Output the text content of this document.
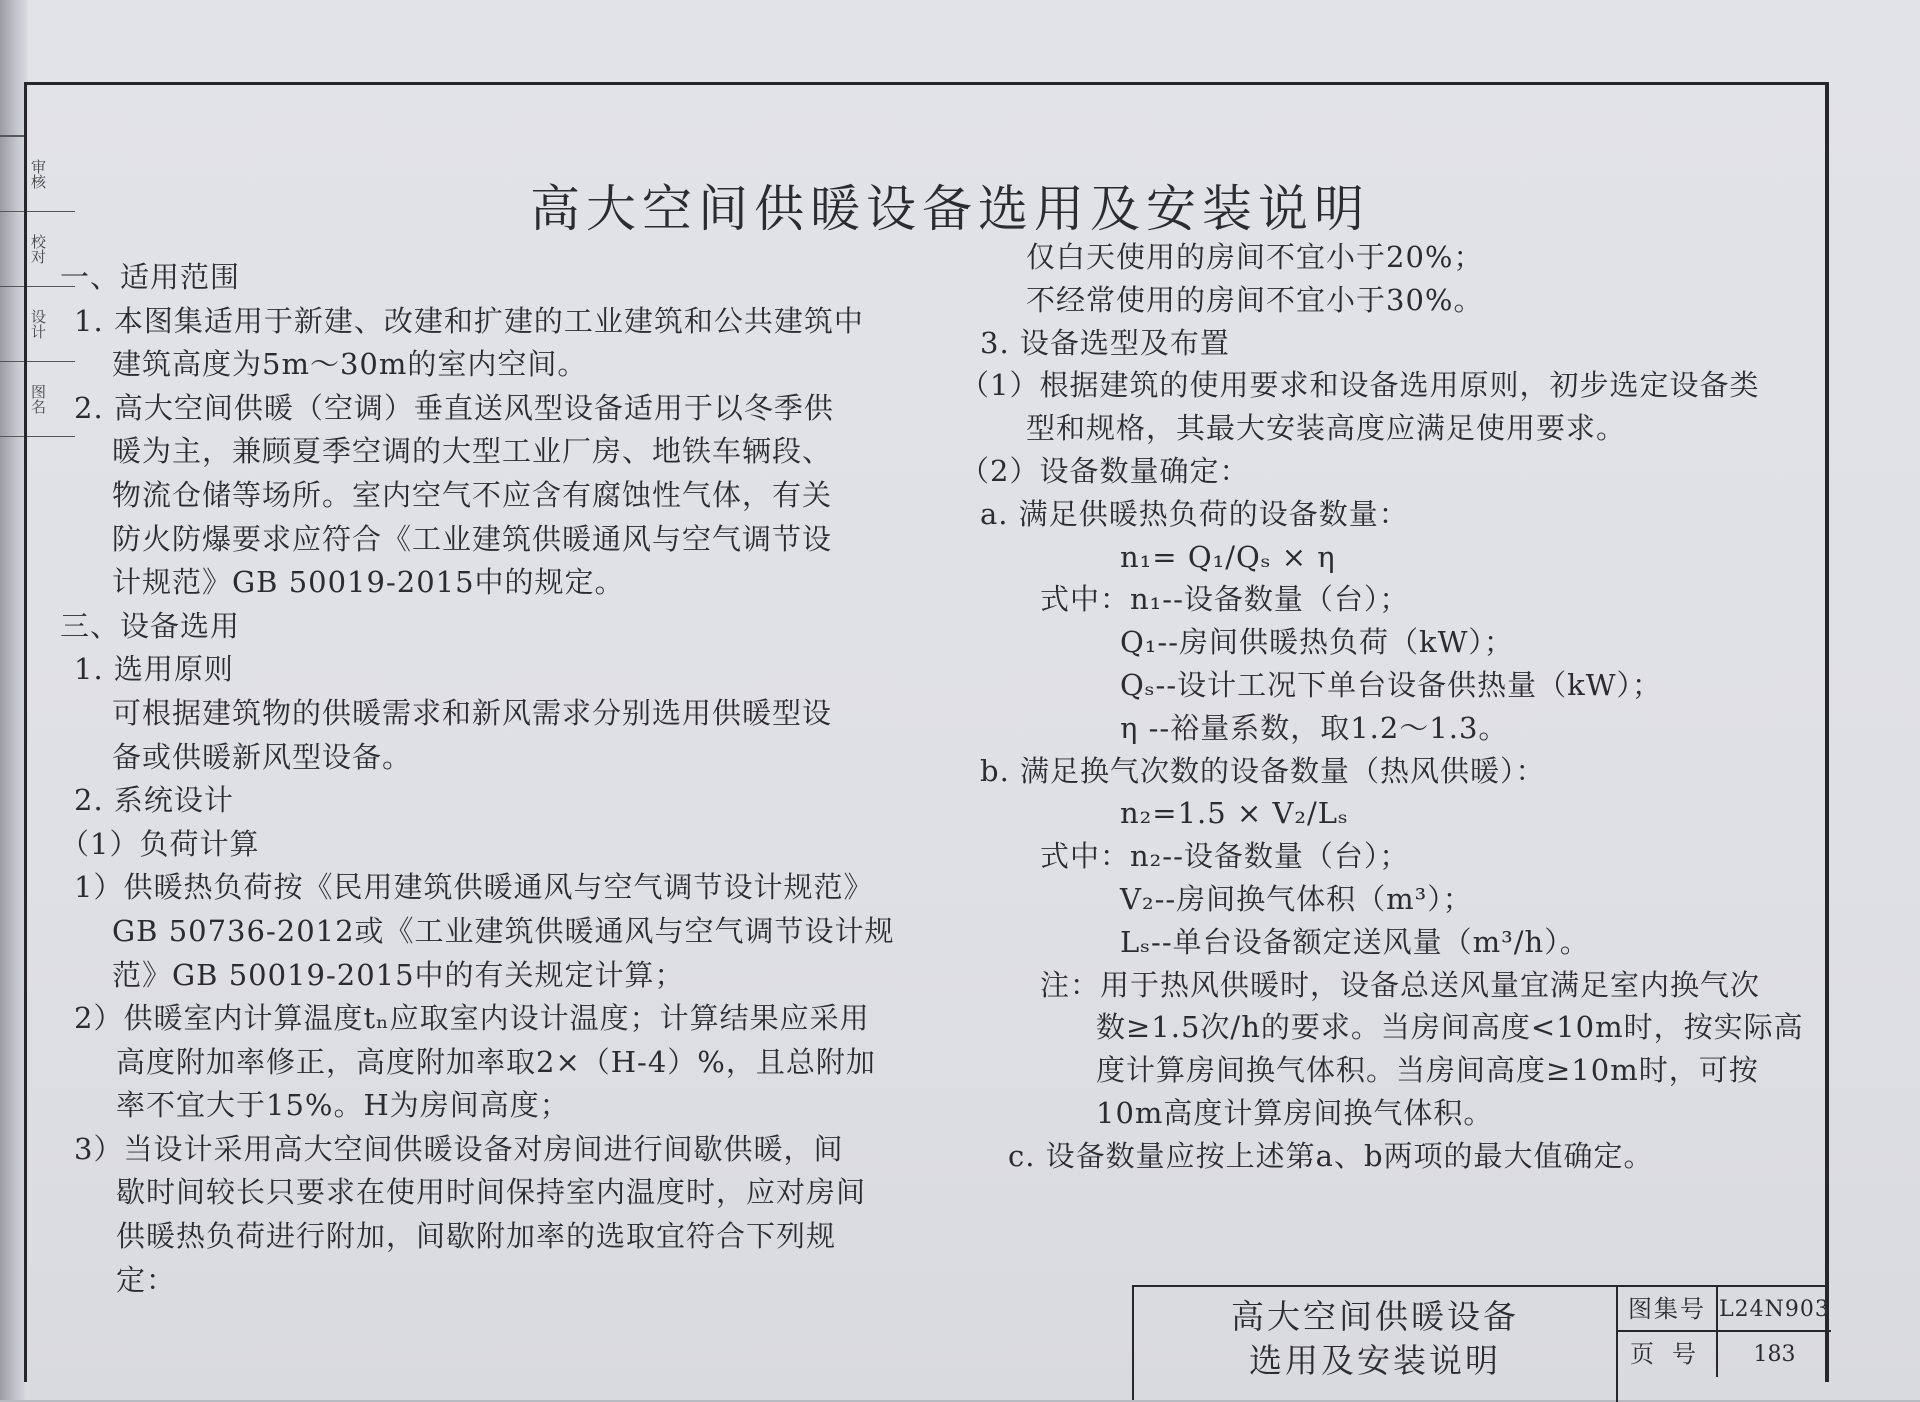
审核
校对
设计
图名
高大空间供暖设备选用及安装说明
一、适用范围
1. 本图集适用于新建、改建和扩建的工业建筑和公共建筑中
建筑高度为5m～30m的室内空间。
2. 高大空间供暖（空调）垂直送风型设备适用于以冬季供
暖为主，兼顾夏季空调的大型工业厂房、地铁车辆段、
物流仓储等场所。室内空气不应含有腐蚀性气体，有关
防火防爆要求应符合《工业建筑供暖通风与空气调节设
计规范》GB 50019-2015中的规定。
三、设备选用
1. 选用原则
可根据建筑物的供暖需求和新风需求分别选用供暖型设
备或供暖新风型设备。
2. 系统设计
（1）负荷计算
1）供暖热负荷按《民用建筑供暖通风与空气调节设计规范》
GB 50736-2012或《工业建筑供暖通风与空气调节设计规
范》GB 50019-2015中的有关规定计算；
2）供暖室内计算温度tₙ应取室内设计温度；计算结果应采用
高度附加率修正，高度附加率取2×（H-4）%，且总附加
率不宜大于15%。H为房间高度；
3）当设计采用高大空间供暖设备对房间进行间歇供暖，间
歇时间较长只要求在使用时间保持室内温度时，应对房间
供暖热负荷进行附加，间歇附加率的选取宜符合下列规
定：
仅白天使用的房间不宜小于20%；
不经常使用的房间不宜小于30%。
3. 设备选型及布置
（1）根据建筑的使用要求和设备选用原则，初步选定设备类
型和规格，其最大安装高度应满足使用要求。
（2）设备数量确定：
a. 满足供暖热负荷的设备数量：
n₁= Q₁/Qₛ × η
式中：n₁--设备数量（台）；
Q₁--房间供暖热负荷（kW）；
Qₛ--设计工况下单台设备供热量（kW）；
η --裕量系数，取1.2～1.3。
b. 满足换气次数的设备数量（热风供暖）：
n₂=1.5 × V₂/Lₛ
式中：n₂--设备数量（台）；
V₂--房间换气体积（m³）；
Lₛ--单台设备额定送风量（m³/h）。
注：用于热风供暖时，设备总送风量宜满足室内换气次
数≥1.5次/h的要求。当房间高度<10m时，按实际高
度计算房间换气体积。当房间高度≥10m时，可按
10m高度计算房间换气体积。
c. 设备数量应按上述第a、b两项的最大值确定。
高大空间供暖设备
选用及安装说明
图集号 L24N903
页号	183
